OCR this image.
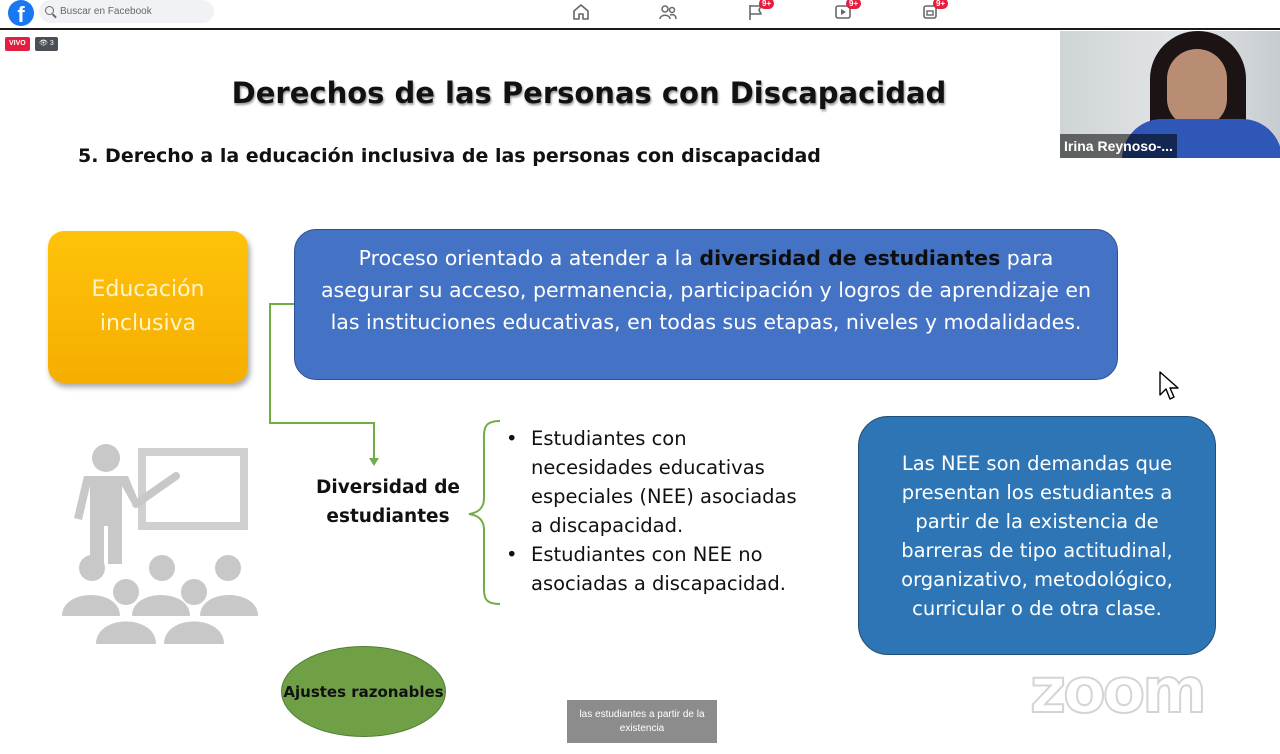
f	Buscar en Facebook
9+	9+	9+
VIVO	👁 3
Derechos de las Personas con Discapacidad
5. Derecho a la educación inclusiva de las personas con discapacidad
Educación inclusiva
Proceso orientado a atender a la diversidad de estudiantes para asegurar su acceso, permanencia, participación y logros de aprendizaje en las instituciones educativas, en todas sus etapas, niveles y modalidades.
Diversidad de estudiantes
• Estudiantes con necesidades educativas especiales (NEE) asociadas a discapacidad.
• Estudiantes con NEE no asociadas a discapacidad.
Las NEE son demandas que presentan los estudiantes a partir de la existencia de barreras de tipo actitudinal, organizativo, metodológico, curricular o de otra clase.
Ajustes razonables
Irina Reynoso-...
zoom
las estudiantes a partir de la existencia
